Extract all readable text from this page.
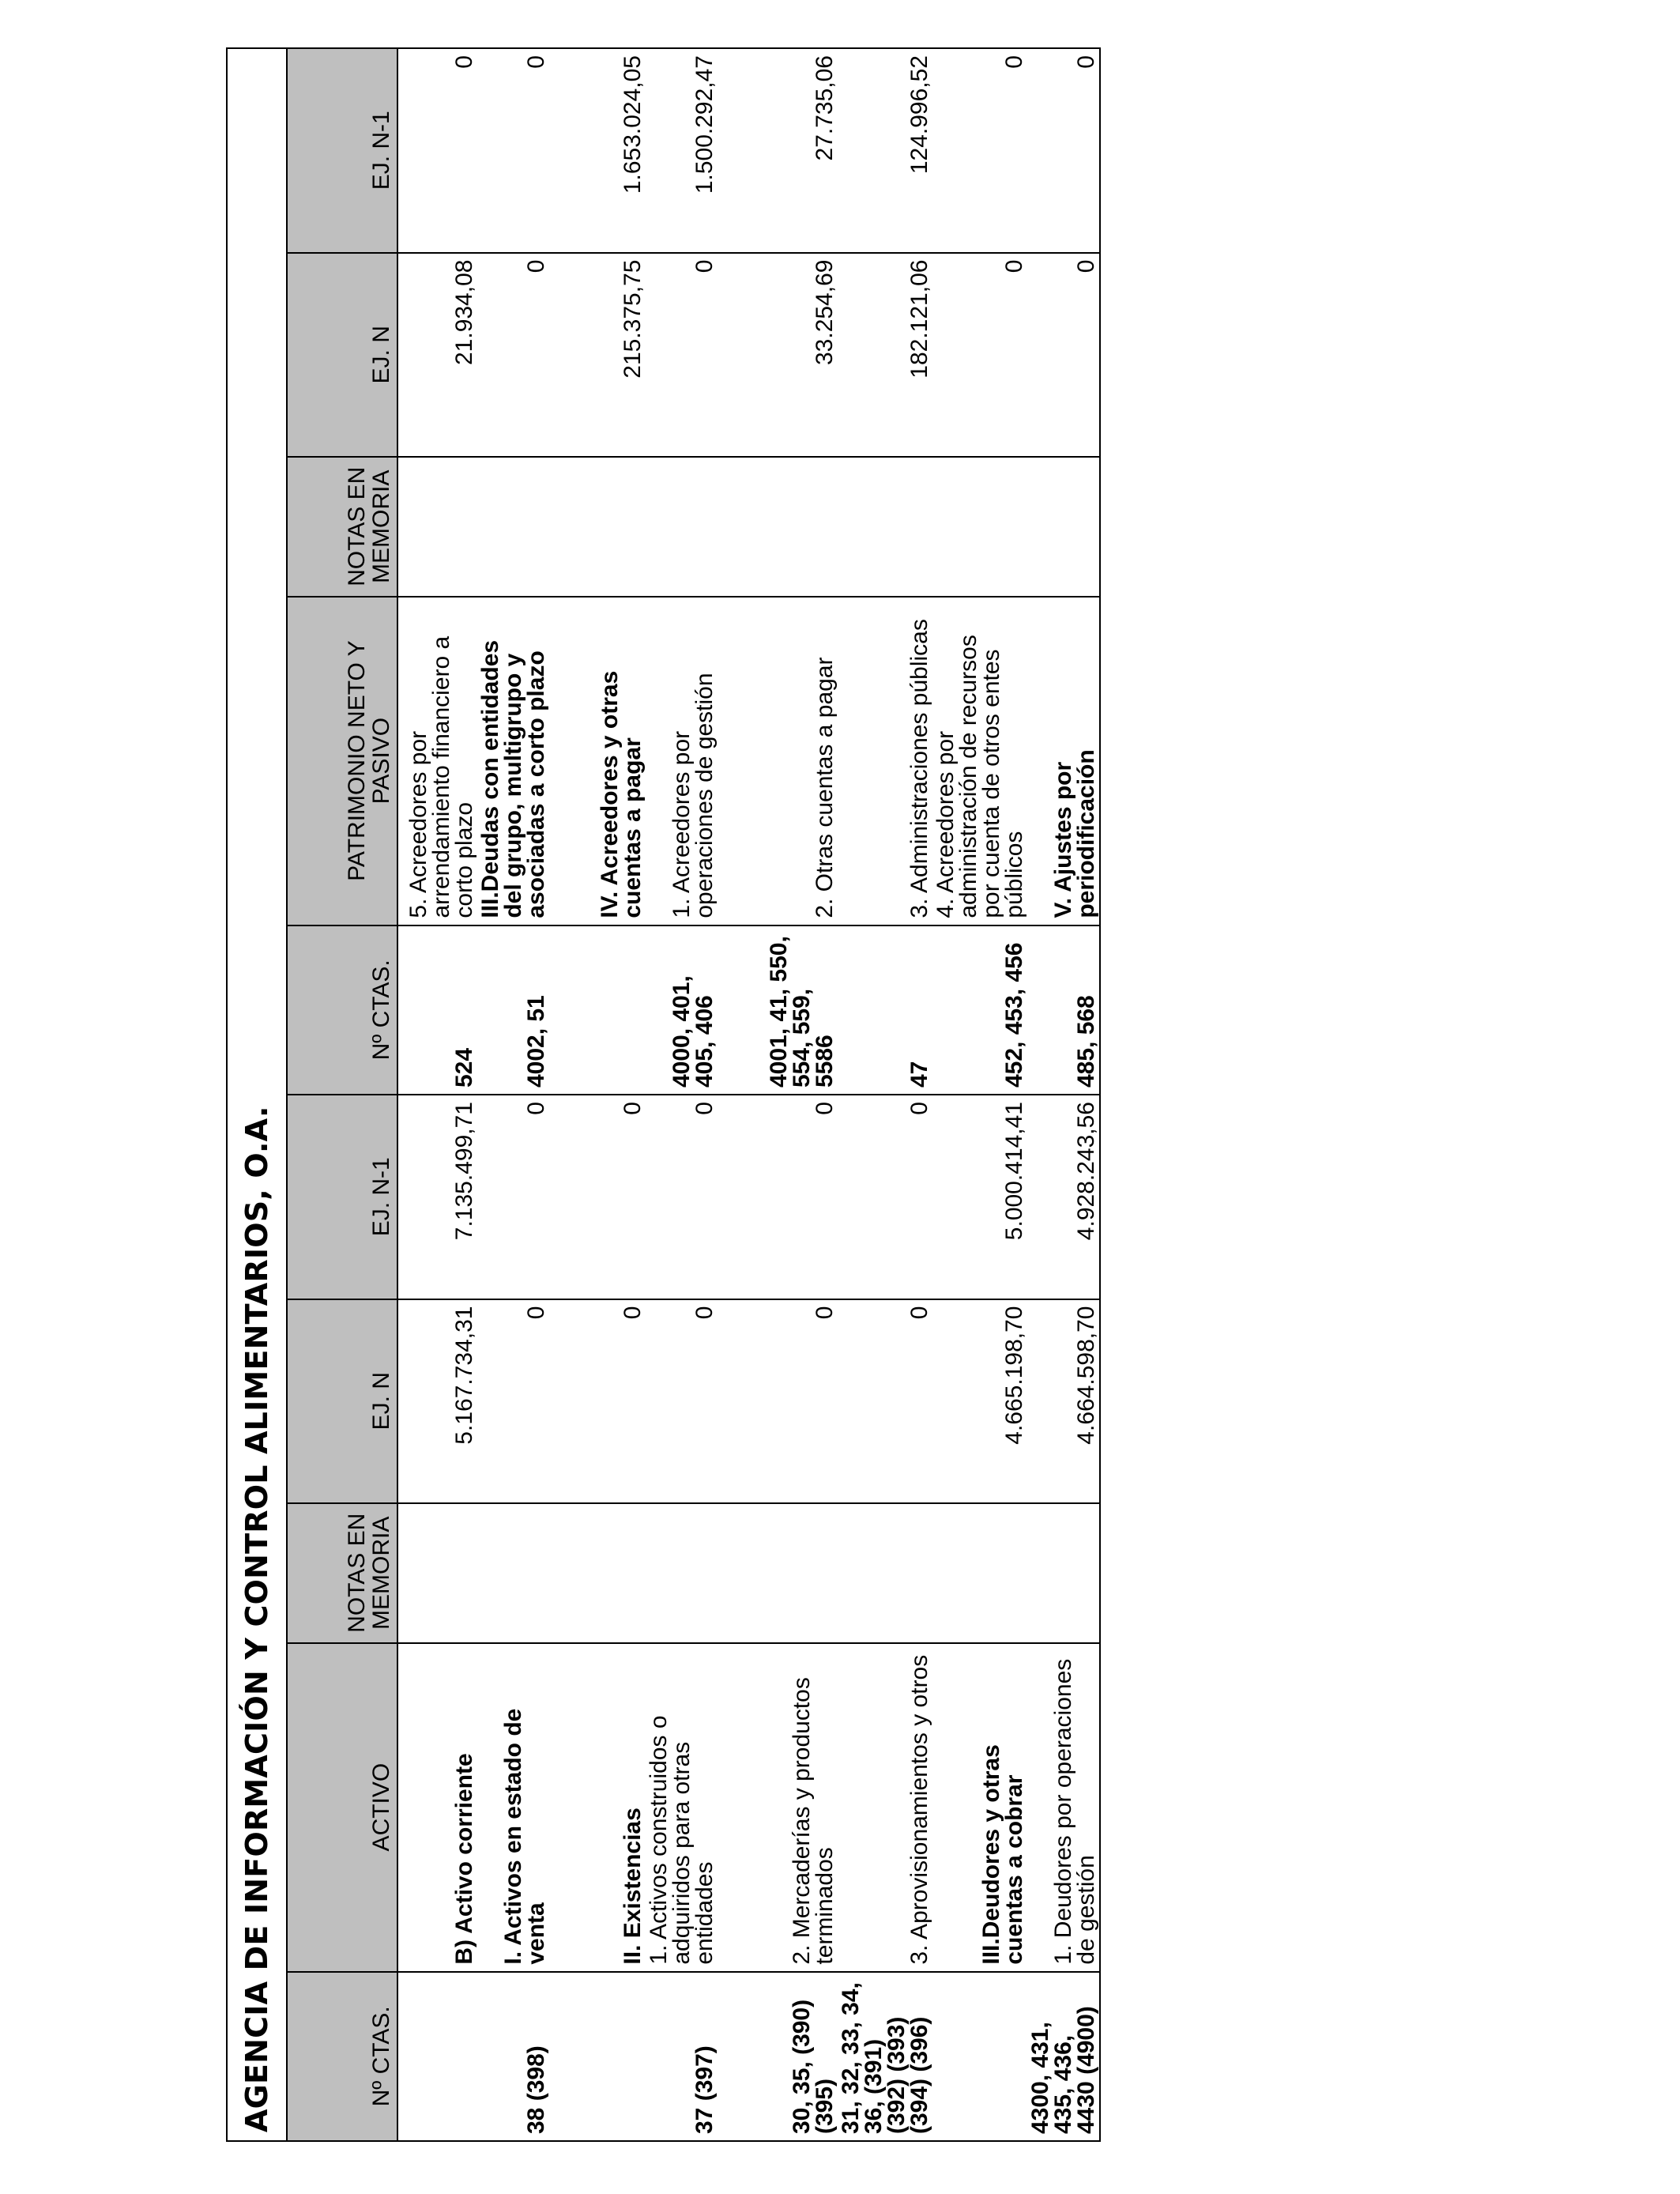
AGENCIA DE INFORMACIÓN Y CONTROL ALIMENTARIOS, O.A.	Nº CTAS.	ACTIVO	NOTAS EN MEMORIA	EJ. N	EJ. N-1	Nº CTAS.	PATRIMONIO NETO Y PASIVO	NOTAS EN MEMORIA	EJ. N	EJ. N-1
	B) Activo corriente		5.167.734,31	7.135.499,71	524	5. Acreedores por arrendamiento financiero a corto plazo		21.934,08	0
38 (398)	I. Activos en estado de venta		0	0	4002, 51	III.Deudas con entidades del grupo, multigrupo y asociadas a corto plazo		0	0
	II. Existencias		0	0		IV. Acreedores y otras cuentas a pagar		215.375,75	1.653.024,05
37 (397)	1. Activos construidos o adquiridos para otras entidades		0	0	4000, 401, 405, 406	1. Acreedores por operaciones de gestión		0	1.500.292,47
30, 35, (390) (395)	2. Mercaderías y productos terminados		0	0	4001, 41, 550, 554, 559, 5586	2. Otras cuentas a pagar		33.254,69	27.735,06
31, 32, 33, 34, 36, (391) (392) (393) (394) (396)	3. Aprovisionamientos y otros		0	0	47	3. Administraciones públicas		182.121,06	124.996,52
	III.Deudores y otras cuentas a cobrar		4.665.198,70	5.000.414,41	452, 453, 456	4. Acreedores por administración de recursos por cuenta de otros entes públicos		0	0
4300, 431, 435, 436, 4430 (4900)	1. Deudores por operaciones de gestión		4.664.598,70	4.928.243,56	485, 568	V. Ajustes por periodificación		0	0
